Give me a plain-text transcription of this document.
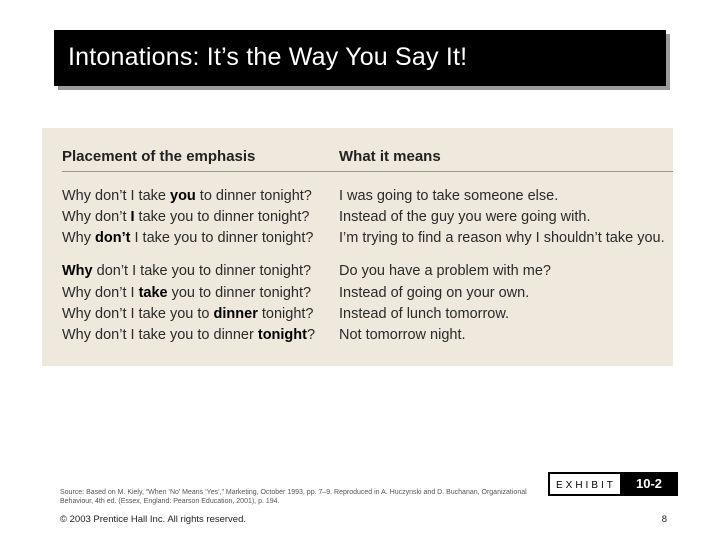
Intonations: It’s the Way You Say It!
Placement of the emphasis	What it means
Why don’t I take you to dinner tonight? I was going to take someone else.
Why don’t I take you to dinner tonight? Instead of the guy you were going with.
Why don’t I take you to dinner tonight? I’m trying to find a reason why I shouldn’t take you.
Why don’t I take you to dinner tonight? Do you have a problem with me?
Why don’t I take you to dinner tonight? Instead of going on your own.
Why don’t I take you to dinner tonight? Instead of lunch tomorrow.
Why don’t I take you to dinner tonight? Not tomorrow night.
Source: Based on M. Kiely, “When ‘No’ Means ‘Yes’,” Marketing, October 1993, pp. 7–9. Reproduced in A. Huczynski and D. Buchanan, Organizational Behaviour, 4th ed. (Essex, England: Pearson Education, 2001), p. 194.
EXHIBIT	10-2
© 2003 Prentice Hall Inc. All rights reserved.	8
